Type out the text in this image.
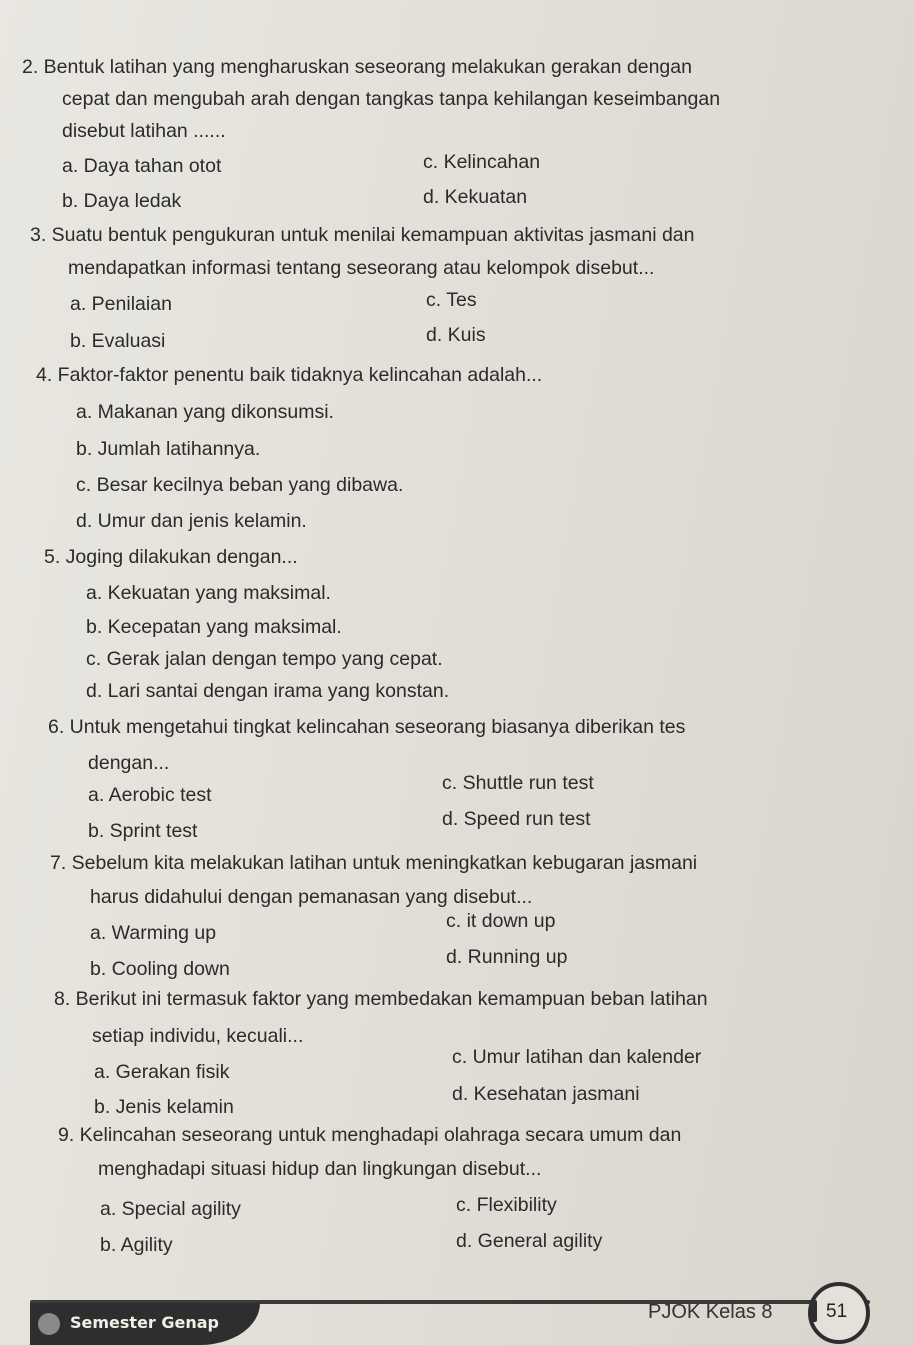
2. Bentuk latihan yang mengharuskan seseorang melakukan gerakan dengan
cepat dan mengubah arah dengan tangkas tanpa kehilangan keseimbangan
disebut latihan ......
a. Daya tahan otot
b. Daya ledak
c. Kelincahan
d. Kekuatan
3. Suatu bentuk pengukuran untuk menilai kemampuan aktivitas jasmani dan
mendapatkan informasi tentang seseorang atau kelompok disebut...
a. Penilaian
b. Evaluasi
c. Tes
d. Kuis
4. Faktor-faktor penentu baik tidaknya kelincahan adalah...
a. Makanan yang dikonsumsi.
b. Jumlah latihannya.
c. Besar kecilnya beban yang dibawa.
d. Umur dan jenis kelamin.
5. Joging dilakukan dengan...
a. Kekuatan yang maksimal.
b. Kecepatan yang maksimal.
c. Gerak jalan dengan tempo yang cepat.
d. Lari santai dengan irama yang konstan.
6. Untuk mengetahui tingkat kelincahan seseorang biasanya diberikan tes
dengan...
a. Aerobic test
b. Sprint test
c. Shuttle run test
d. Speed run test
7. Sebelum kita melakukan latihan untuk meningkatkan kebugaran jasmani
harus didahului dengan pemanasan yang disebut...
a. Warming up
b. Cooling down
c. it down up
d. Running up
8. Berikut ini termasuk faktor yang membedakan kemampuan beban latihan
setiap individu, kecuali...
a. Gerakan fisik
b. Jenis kelamin
c. Umur latihan dan kalender
d. Kesehatan jasmani
9. Kelincahan seseorang untuk menghadapi olahraga secara umum dan
menghadapi situasi hidup dan lingkungan disebut...
a. Special agility
b. Agility
c. Flexibility
d. General agility
Semester Genap	PJOK Kelas 8	51
